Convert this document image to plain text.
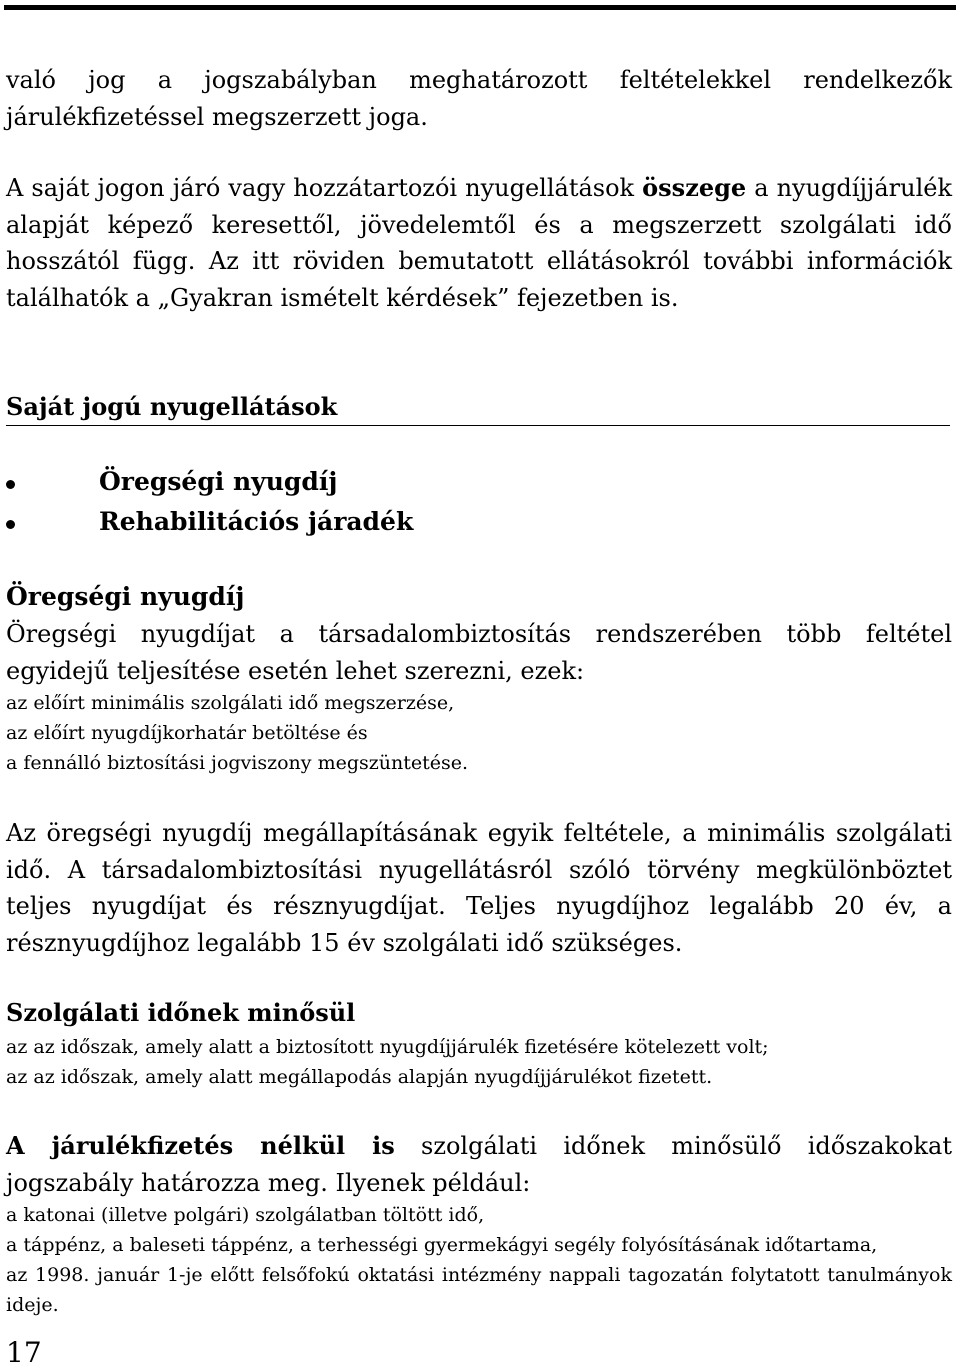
való jog a jogszabályban meghatározott feltételekkel rendelkezők
járulékfizetéssel megszerzett joga.

A saját jogon járó vagy hozzátartozói nyugellátások összege a nyugdíjjárulék alapját képező keresettől, jövedelemtől és a megszerzett szolgálati idő hosszától függ. Az itt röviden bemutatott ellátásokról további információk találhatók a „Gyakran ismételt kérdések” fejezetben is.

Saját jogú nyugellátások
Öregségi nyugdíj
Rehabilitációs járadék
Öregségi nyugdíj

Öregségi nyugdíjat a társadalombiztosítás rendszerében több feltétel egyidejű teljesítése esetén lehet szerezni, ezek:

az előírt minimális szolgálati idő megszerzése,
az előírt nyugdíjkorhatár betöltése és
a fennálló biztosítási jogviszony megszüntetése.

Az öregségi nyugdíj megállapításának egyik feltétele, a minimális szolgálati idő. A társadalombiztosítási nyugellátásról szóló törvény megkülönböztet teljes nyugdíjat és résznyugdíjat. Teljes nyugdíjhoz legalább 20 év, a résznyugdíjhoz legalább 15 év szolgálati idő szükséges.

Szolgálati időnek minősül
az az időszak, amely alatt a biztosított nyugdíjjárulék fizetésére kötelezett volt;
az az időszak, amely alatt megállapodás alapján nyugdíjjárulékot fizetett.

A járulékfizetés nélkül is szolgálati időnek minősülő időszakokat jogszabály határozza meg. Ilyenek például:

a katonai (illetve polgári) szolgálatban töltött idő,
a táppénz, a baleseti táppénz, a terhességi gyermekágyi segély folyósításának időtartama,
az 1998. január 1-je előtt felsőfokú oktatási intézmény nappali tagozatán folytatott tanulmányok ideje.
17
